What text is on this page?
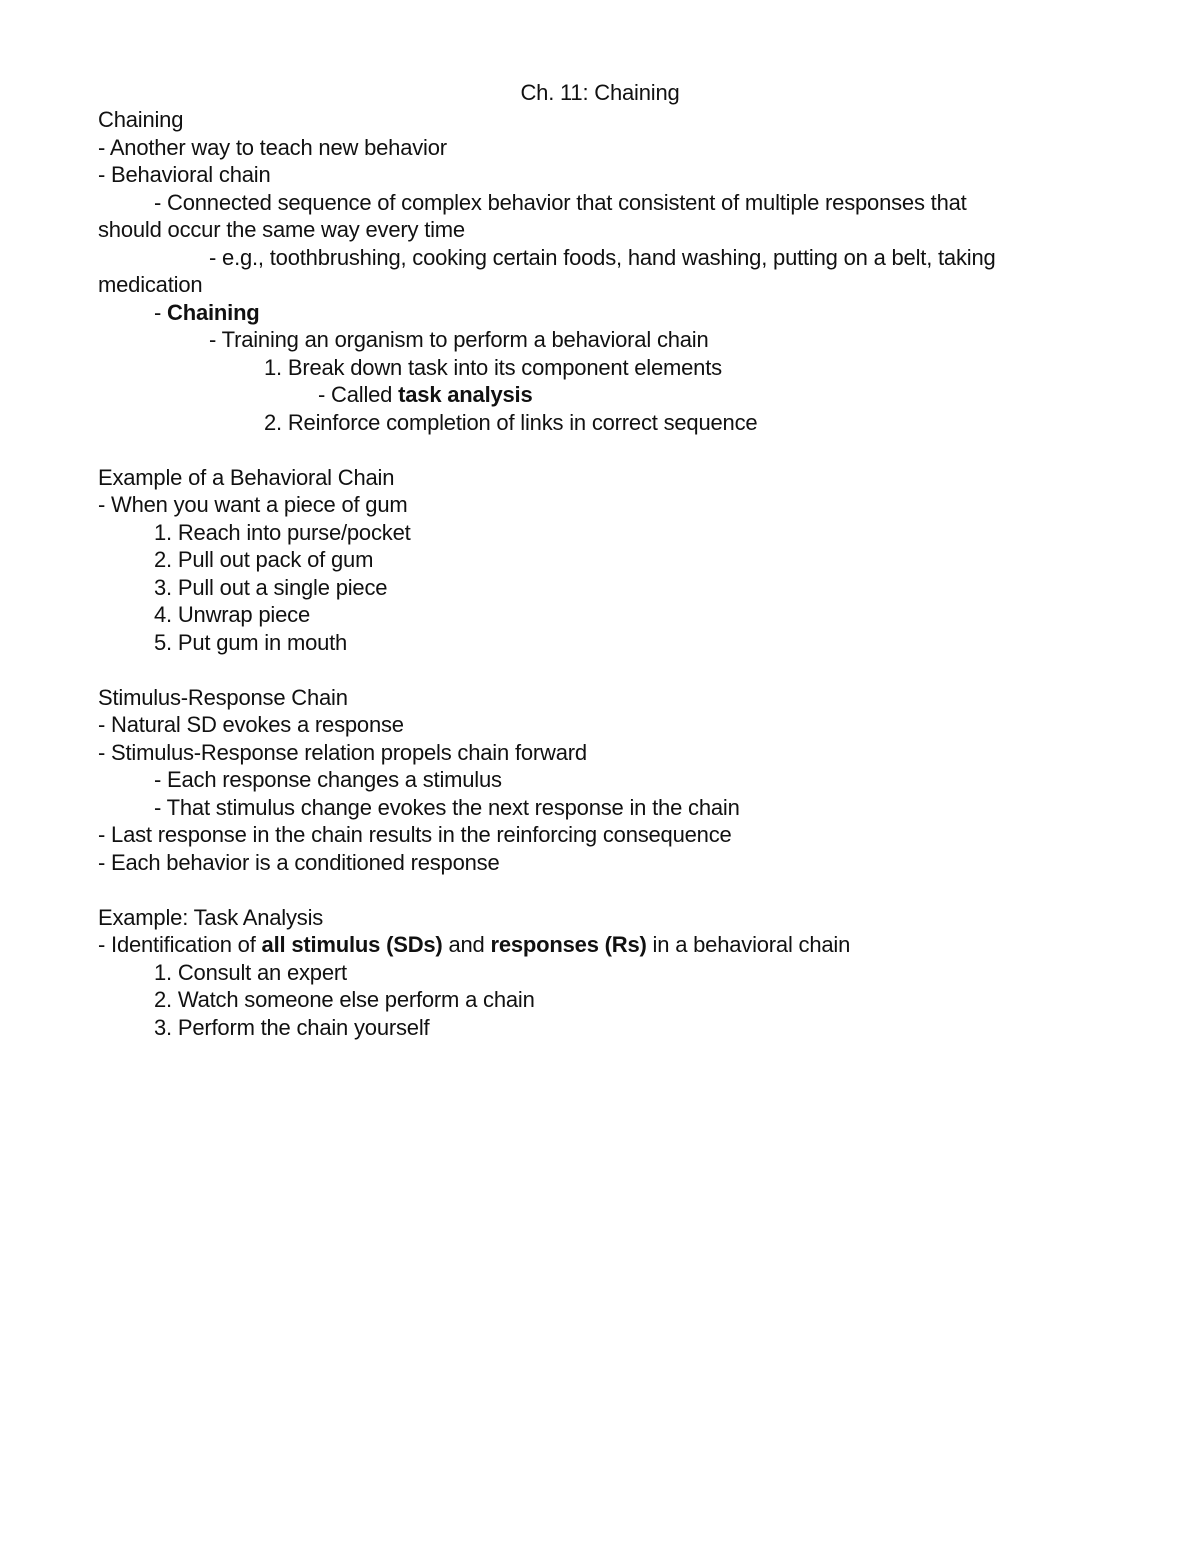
Ch. 11: Chaining
Chaining
- Another way to teach new behavior
- Behavioral chain
- Connected sequence of complex behavior that consistent of multiple responses that
should occur the same way every time
- e.g., toothbrushing, cooking certain foods, hand washing, putting on a belt, taking
medication
- Chaining
- Training an organism to perform a behavioral chain
1. Break down task into its component elements
- Called task analysis
2. Reinforce completion of links in correct sequence
Example of a Behavioral Chain
- When you want a piece of gum
1. Reach into purse/pocket
2. Pull out pack of gum
3. Pull out a single piece
4. Unwrap piece
5. Put gum in mouth
Stimulus-Response Chain
- Natural SD evokes a response
- Stimulus-Response relation propels chain forward
- Each response changes a stimulus
- That stimulus change evokes the next response in the chain
- Last response in the chain results in the reinforcing consequence
- Each behavior is a conditioned response
Example: Task Analysis
- Identification of all stimulus (SDs) and responses (Rs) in a behavioral chain
1. Consult an expert
2. Watch someone else perform a chain
3. Perform the chain yourself
